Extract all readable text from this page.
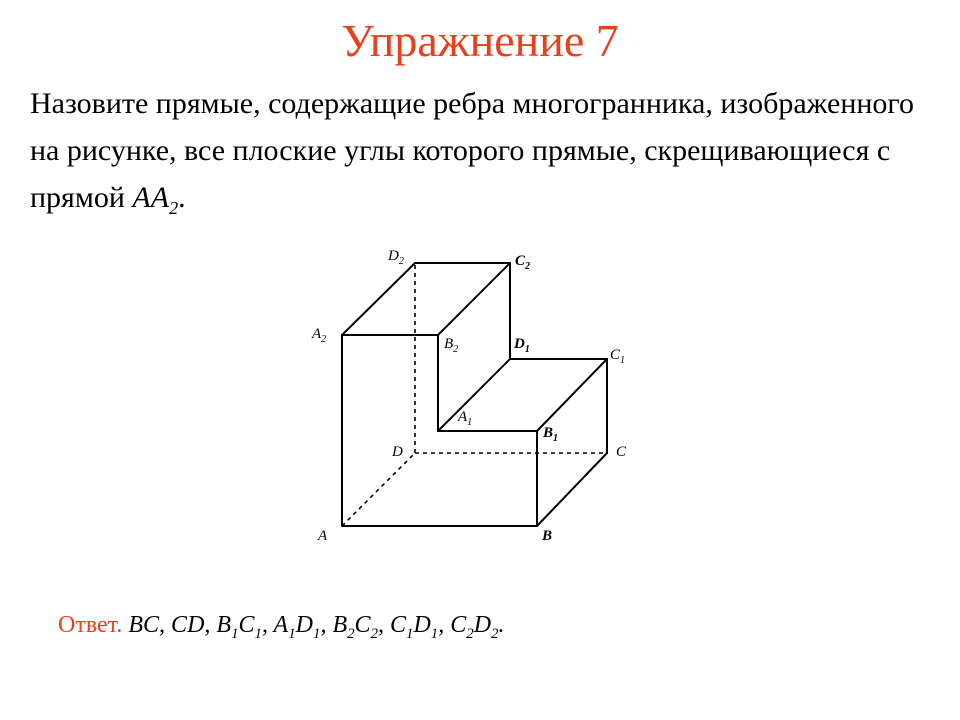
Упражнение 7

Назовите прямые, содержащие ребра многогранника, изображенного на рисунке, все плоские углы которого прямые, скрещивающиеся с прямой $AA_2$.

$D_2$	$C_2$
$A_2$	$B_2$	$D_1$	$C_1$
$A_1$
$B_1$
D	C
A	B

Ответ. BC, CD, $B_1C_1$, $A_1D_1$, $B_2C_2$, $C_1D_1$, $C_2D_2$.
